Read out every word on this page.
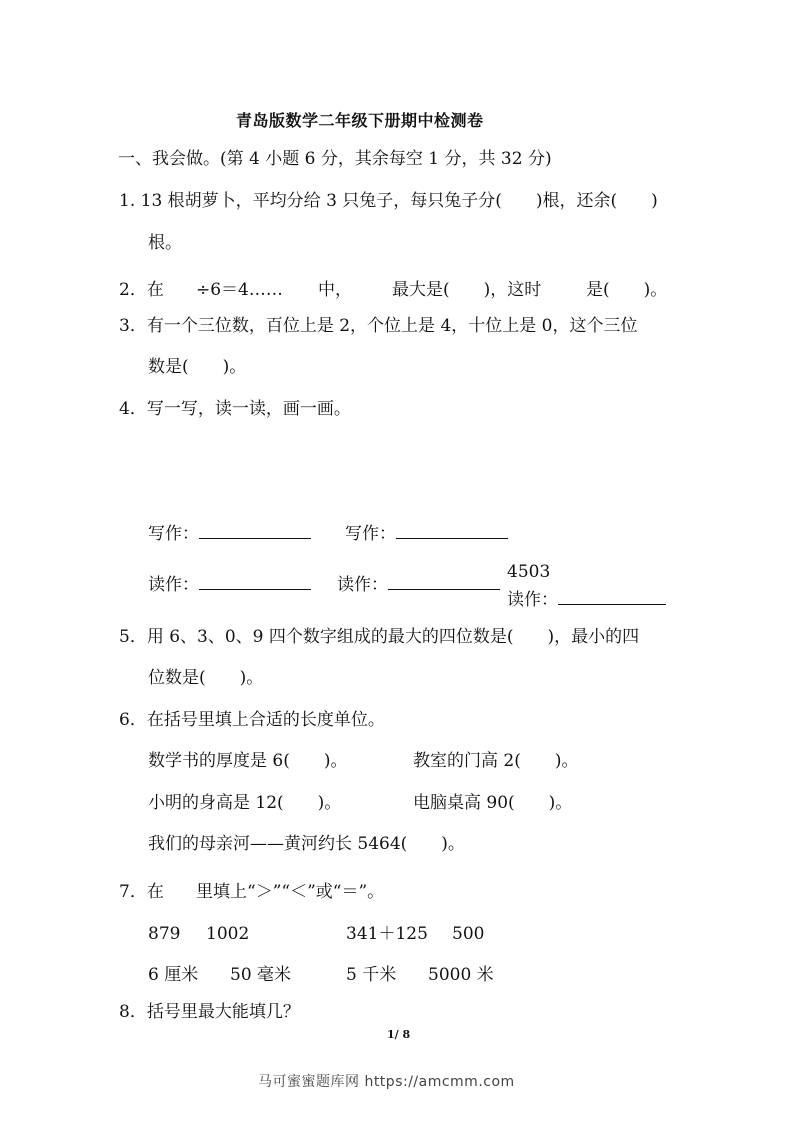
青岛版数学二年级下册期中检测卷
一、我会做。(第 4 小题 6 分，其余每空 1 分，共 32 分)
1. 13 根胡萝卜，平均分给 3 只兔子，每只兔子分(　　)根，还余(　　)
根。
2．在 ÷6＝4…… 中， 最大是(　　)，这时	是(　　)。
3．有一个三位数，百位上是 2，个位上是 4，十位上是 0，这个三位
数是(　　)。
4．写一写，读一读，画一画。
写作：	写作：
读作：	读作：
4503
读作：
5．用 6、3、0、9 四个数字组成的最大的四位数是(　　)，最小的四
位数是(　　)。
6．在括号里填上合适的长度单位。
数学书的厚度是 6(　　)。	教室的门高 2(　　)。
小明的身高是 12(　　)。	电脑桌高 90(　　)。
我们的母亲河——黄河约长 5464(　　)。
7．在 里填上“＞”“＜”或“＝”。
879 1002	341＋125 500
6 厘米 50 毫米	5 千米 5000 米
8．括号里最大能填几？
1/ 8
马可蜜蜜题库网 https://amcmm.com
